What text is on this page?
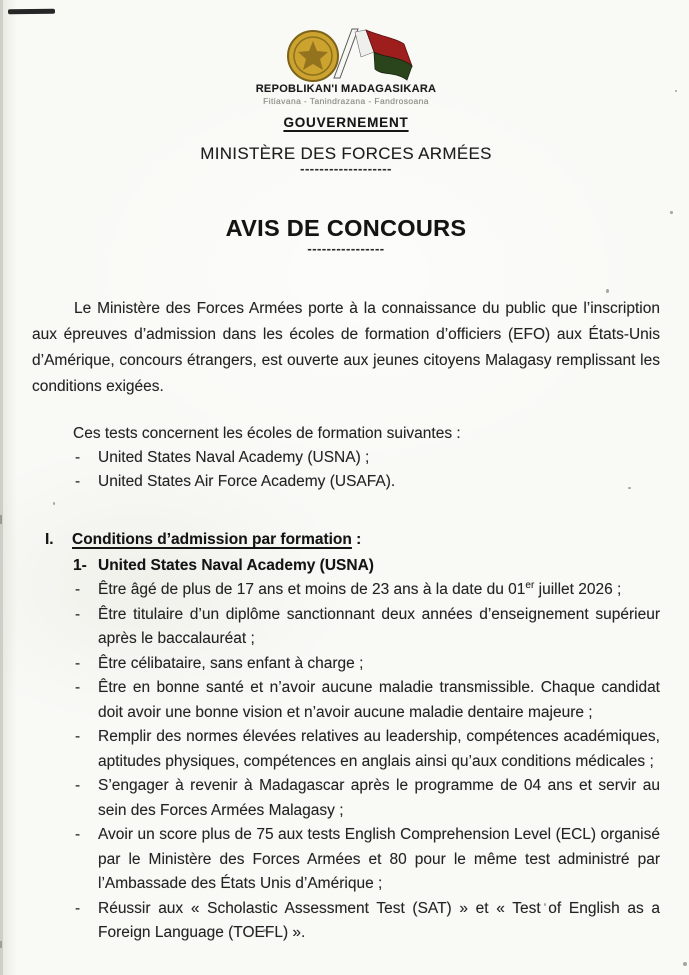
REPOBLIKAN'I MADAGASIKARA
Fitiavana - Tanindrazana - Fandrosoana
GOUVERNEMENT
MINISTÈRE DES FORCES ARMÉES
-------------------
AVIS DE CONCOURS
----------------

Le Ministère des Forces Armées porte à la connaissance du public que l’inscription aux épreuves d’admission dans les écoles de formation d’officiers (EFO) aux États-Unis d’Amérique, concours étrangers, est ouverte aux jeunes citoyens Malagasy remplissant les conditions exigées.

Ces tests concernent les écoles de formation suivantes :
- United States Naval Academy (USNA) ;
- United States Air Force Academy (USAFA).
I.	Conditions d’admission par formation :
1- United States Naval Academy (USNA)
- Être âgé de plus de 17 ans et moins de 23 ans à la date du 01er juillet 2026 ;
- Être titulaire d’un diplôme sanctionnant deux années d’enseignement supérieur après le baccalauréat ;
- Être célibataire, sans enfant à charge ;
- Être en bonne santé et n’avoir aucune maladie transmissible. Chaque candidat doit avoir une bonne vision et n’avoir aucune maladie dentaire majeure ;
- Remplir des normes élevées relatives au leadership, compétences académiques, aptitudes physiques, compétences en anglais ainsi qu’aux conditions médicales ;
- S’engager à revenir à Madagascar après le programme de 04 ans et servir au sein des Forces Armées Malagasy ;
- Avoir un score plus de 75 aux tests English Comprehension Level (ECL) organisé par le Ministère des Forces Armées et 80 pour le même test administré par l’Ambassade des États Unis d’Amérique ;
- Réussir aux « Scholastic Assessment Test (SAT) » et « Test of English as a Foreign Language (TOEFL) ».
